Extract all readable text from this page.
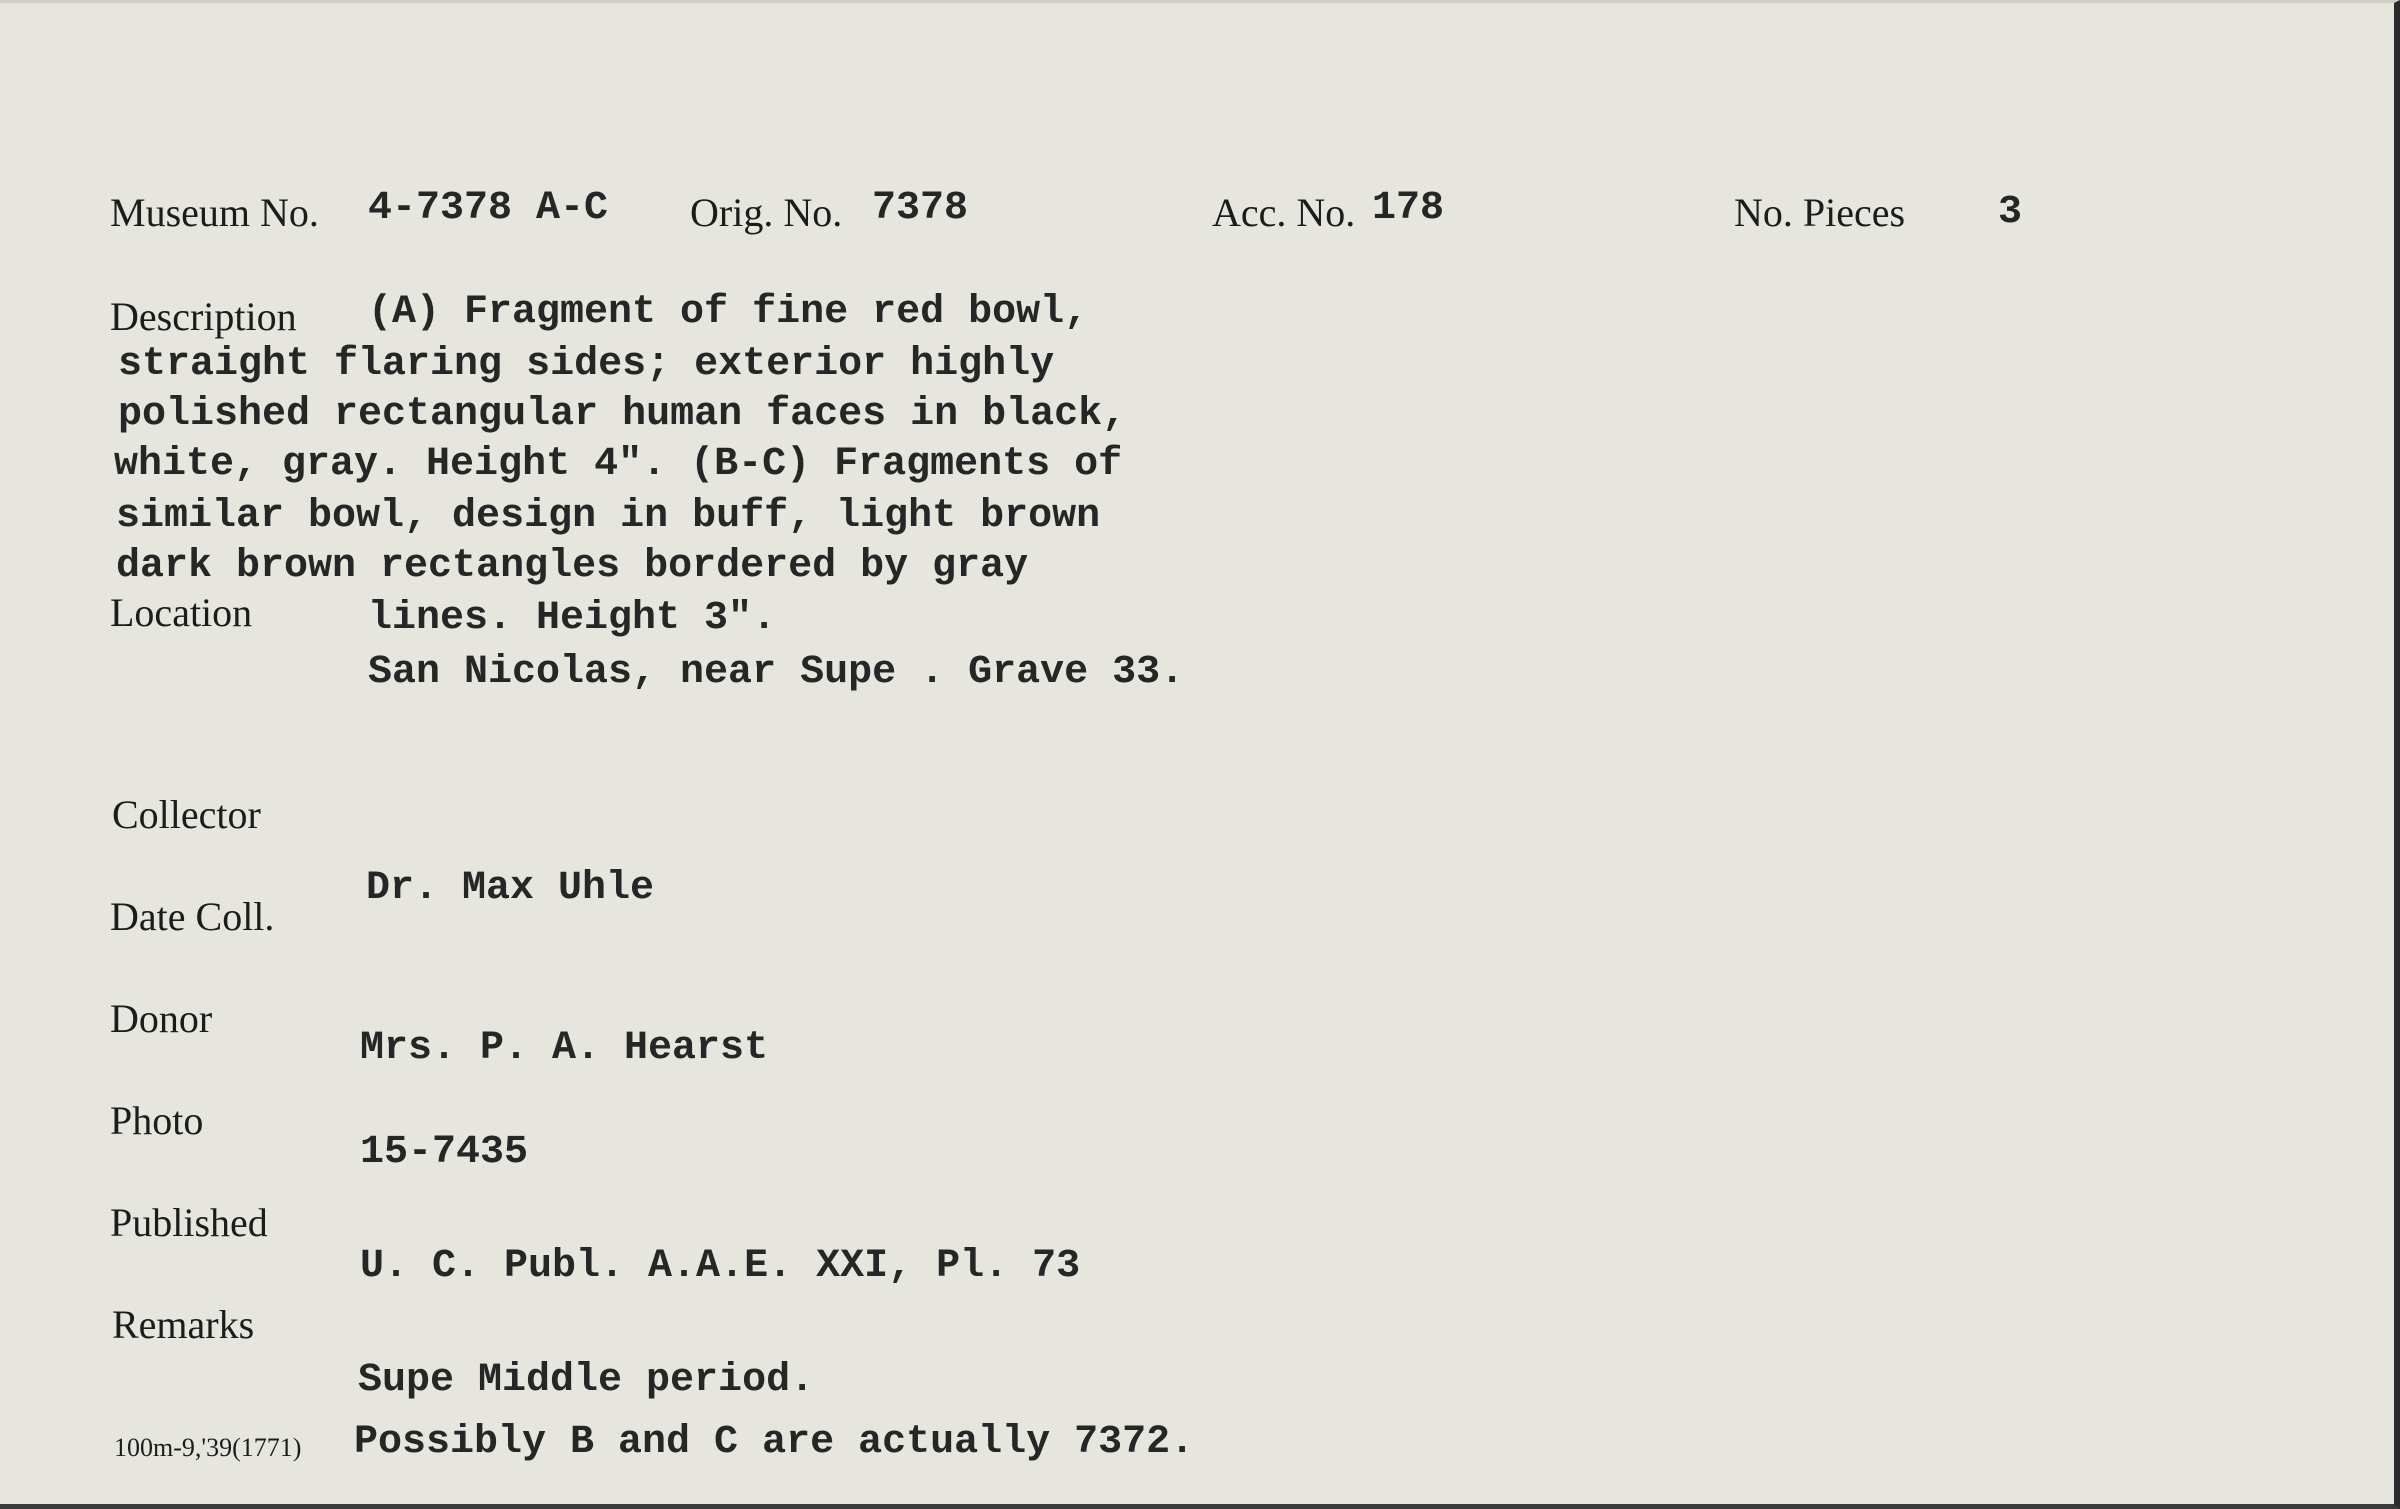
Museum No. 4-7378 A-C Orig. No. 7378	Acc. No. 178	No. Pieces 3
Description (A) Fragment of fine red bowl,
straight flaring sides; exterior highly
polished rectangular human faces in black,
white, gray. Height 4". (B-C) Fragments of
similar bowl, design in buff, light brown
dark brown rectangles bordered by gray
lines. Height 3".
Location
San Nicolas, near Supe . Grave 33.
Collector
Dr. Max Uhle
Date Coll.
Donor
Mrs. P. A. Hearst
Photo
15-7435
Published
U. C. Publ. A.A.E. XXI, Pl. 73
Remarks
Supe Middle period.
Possibly B and C are actually 7372.
100m-9,'39(1771)
